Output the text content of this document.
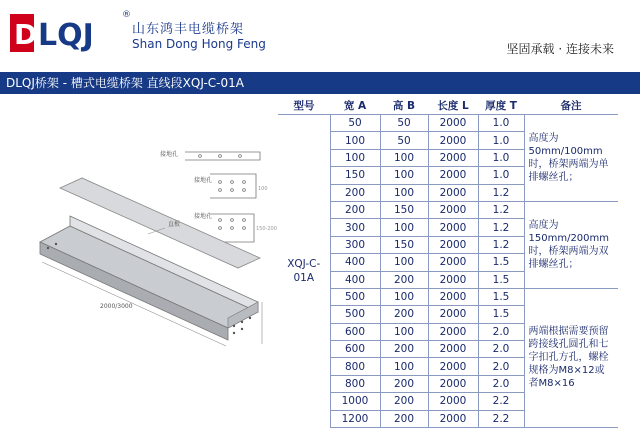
D LQJ
®
山东鸿丰电缆桥架
Shan Dong Hong Feng	坚固承载 · 连接未来
DLQJ桥架 - 槽式电缆桥架 直线段XQJ-C-01A
接地孔
接地孔
100
接地孔
150-200
直板
2000/3000
型号	宽 A	高 B	长度 L	厚度 T	备注
XQJ-C-01A	50	50	2000	1.0	高度为50mm/100mm时，桥架两端为单排螺丝孔；
	100	50	2000	1.0	
	100	100	2000	1.0	
	150	100	2000	1.0	
	200	100	2000	1.2	
	200	150	2000	1.2	高度为150mm/200mm时，桥架两端为双排螺丝孔；
	300	100	2000	1.2	
	300	150	2000	1.2	
	400	100	2000	1.5	
	400	200	2000	1.5	
	500	100	2000	1.5	两端根据需要预留跨接线孔圆孔和七字扣孔方孔，螺栓规格为M8×12或者M8×16
	500	200	2000	1.5	
	600	100	2000	2.0	
	600	200	2000	2.0	
	800	100	2000	2.0	
	800	200	2000	2.0	
	1000	200	2000	2.2	
	1200	200	2000	2.2	
